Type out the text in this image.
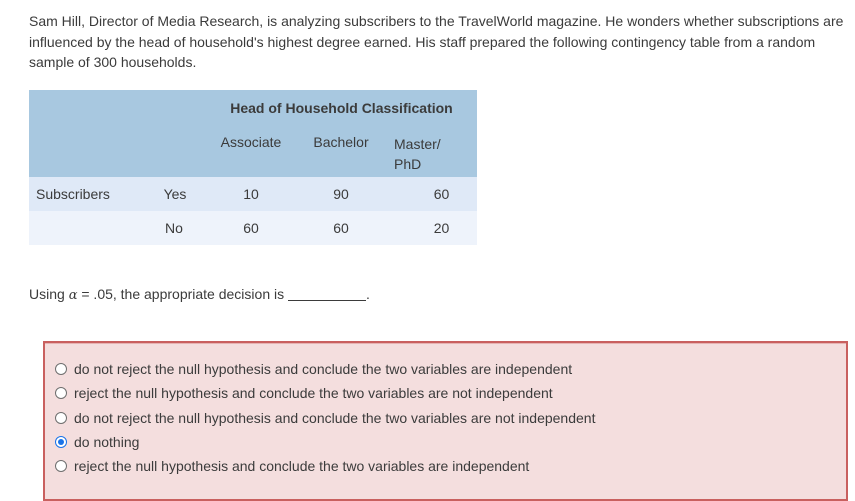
Sam Hill, Director of Media Research, is analyzing subscribers to the TravelWorld magazine. He wonders whether subscriptions are influenced by the head of household's highest degree earned. His staff prepared the following contingency table from a random sample of 300 households.
		Head of Household Classification		
		Associate	Bachelor	Master/ PhD
Subscribers	Yes	10	90	60
	No	60	60	20
Using α = .05, the appropriate decision is	.
do not reject the null hypothesis and conclude the two variables are independent
reject the null hypothesis and conclude the two variables are not independent
do not reject the null hypothesis and conclude the two variables are not independent
do nothing
reject the null hypothesis and conclude the two variables are independent
